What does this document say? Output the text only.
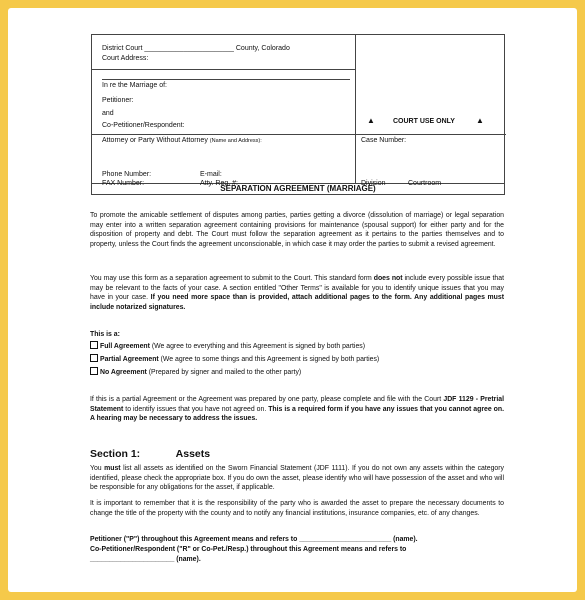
District Court _______________________ County, Colorado
Court Address:
In re the Marriage of:
Petitioner:
and
Co-Petitioner/Respondent:
▲	COURT USE ONLY	▲
Attorney or Party Without Attorney (Name and Address):	Case Number:
Phone Number:	E-mail:
FAX Number:	Atty. Reg. #:	Division	Courtroom
SEPARATION AGREEMENT (MARRIAGE)
To promote the amicable settlement of disputes among parties, parties getting a divorce (dissolution of marriage) or legal separation may enter into a written separation agreement containing provisions for maintenance (spousal support) for either party and for the disposition of property and debt. The Court must follow the separation agreement as it pertains to the parties themselves and to property, unless the Court finds the agreement unconscionable, in which case it may order the parties to submit a revised agreement.
You may use this form as a separation agreement to submit to the Court. This standard form does not include every possible issue that may be relevant to the facts of your case. A section entitled "Other Terms" is available for you to identify unique issues that you may have in your case. If you need more space than is provided, attach additional pages to the form. Any additional pages must include notarized signatures.
This is a:
Full Agreement (We agree to everything and this Agreement is signed by both parties)
Partial Agreement (We agree to some things and this Agreement is signed by both parties)
No Agreement (Prepared by signer and mailed to the other party)
If this is a partial Agreement or the Agreement was prepared by one party, please complete and file with the Court JDF 1129 - Pretrial Statement to identify issues that you have not agreed on. This is a required form if you have any issues that you cannot agree on. A hearing may be necessary to address the issues.
Section 1:	Assets
You must list all assets as identified on the Sworn Financial Statement (JDF 1111). If you do not own any assets within the category identified, please check the appropriate box. If you do own the asset, please identify who will have possession of the asset and who will be responsible for any obligations for the asset, if applicable.
It is important to remember that it is the responsibility of the party who is awarded the asset to prepare the necessary documents to change the title of the property with the county and to notify any financial institutions, insurance companies, etc. of any changes.
Petitioner ("P") throughout this Agreement means and refers to ________________________ (name).
Co-Petitioner/Respondent ("R" or Co-Pet./Resp.) throughout this Agreement means and refers to
______________________ (name).
